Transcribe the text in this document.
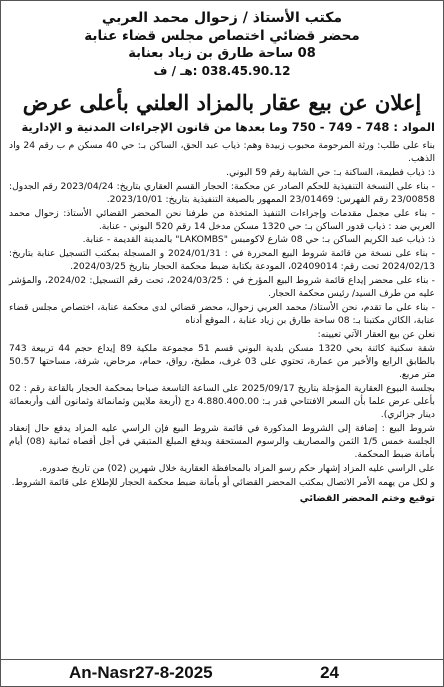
مكتب الأستاذ / زحوال محمد العربي
محضر قضائي اختصاص مجلس قضاء عنابة
08 ساحة طارق بن زياد بعنابة
038.45.90.12 :هـ / ف
إعلان عن بيع عقار بالمزاد العلني بأعلى عرض
المواد : 748 - 749 - 750 وما بعدها من قانون الإجراءات المدنية و الإدارية

بناء على طلب: ورثة المرحومة محبوب زبيدة وهم: ذياب عبد الحق، الساكن بـ: حي 40 مسكن م ب رقم 24 واد الذهب.

ذ: ذياب فطيمة، الساكنة بـ: حي الشابية رقم 59 البوني.

- بناء على النسخة التنفيذية للحكم الصادر عن محكمة: الحجار القسم العقاري بتاريخ: 2023/04/24 رقم الجدول: 23/00858 رقم الفهرس: 23/01469 الممهور بالصيغة التنفيذية بتاريخ: 2023/10/01.

- بناء على مجمل مقدمات وإجراءات التنفيذ المتخذة من طرفنا نحن المحضر القضائي الأستاذ: زحوال محمد العربي ضد : ذياب قدور الساكن بـ: حي 1320 مسكن مدخل 14 رقم 520 البوني - عنابة.

ذ: ذياب عبد الكريم الساكن بـ: حي 08 شارع لاكومبس "LAKOMBS" بالمدينة القديمة - عنابة.

- بناء على نسخة من قائمة شروط البيع المحررة في : 2024/01/31 و المسجلة بمكتب التسجيل عنابة بتاريخ: 2024/02/13 تحت رقم: 02409014، المودعة بكتابة ضبط محكمة الحجار بتاريخ 2024/03/25.

- بناء على محضر إيداع قائمة شروط البيع المؤرخ في : 2024/03/25، تحت رقم التسجيل: 2024/02، والمؤشر عليه من طرف السيد/ رئيس محكمة الحجار.

- بناء على ما تقدم، نحن الأستاذ/ محمد العربي زحوال، محضر قضائي لدى محكمة عنابة، اختصاص مجلس قضاء عنابة، الكائن مكتبنا بـ: 08 ساحة طارق بن زياد عنابة ، الموقع أدناه

نعلن عن بيع العقار الآتي تعيينه:

شقة سكنية كائنة بحي 1320 مسكن بلدية البوني قسم 51 مجموعة ملكية 89 إيداع حجم 44 تربيعة 743 بالطابق الرابع والأخير من عمارة، تحتوي على 03 غرف، مطبخ، رواق، حمام، مرحاض، شرفة، مساحتها 50.57 متر مربع.

بجلسة البيوع العقارية المؤجلة بتاريخ 2025/09/17 على الساعة التاسعة صباحا بمحكمة الحجار بالقاعة رقم : 02 بأعلى عرض علما بأن السعر الافتتاحي قدر بـ: 4.880.400.00 دج (أربعة ملايين وثمانمائة وثمانون ألف وأربعمائة دينار جزائري).

شروط البيع : إضافة إلى الشروط المذكورة في قائمة شروط البيع فإن الراسي عليه المزاد يدفع حال إنعقاد الجلسة خمس 1/5 الثمن والمصاريف والرسوم المستحقة ويدفع المبلغ المتبقي في أجل أقصاه ثمانية (08) أيام بأمانة ضبط المحكمة.

على الراسي عليه المزاد إشهار حكم رسو المزاد بالمحافظة العقارية خلال شهرين (02) من تاريخ صدوره.

و لكل من يهمه الأمر الاتصال بمكتب المحضر القضائي أو بأمانة ضبط محكمة الحجار للإطلاع على قائمة الشروط.

توقيع وختم المحضر القضائي
An-Nasr27-8-2025	24
